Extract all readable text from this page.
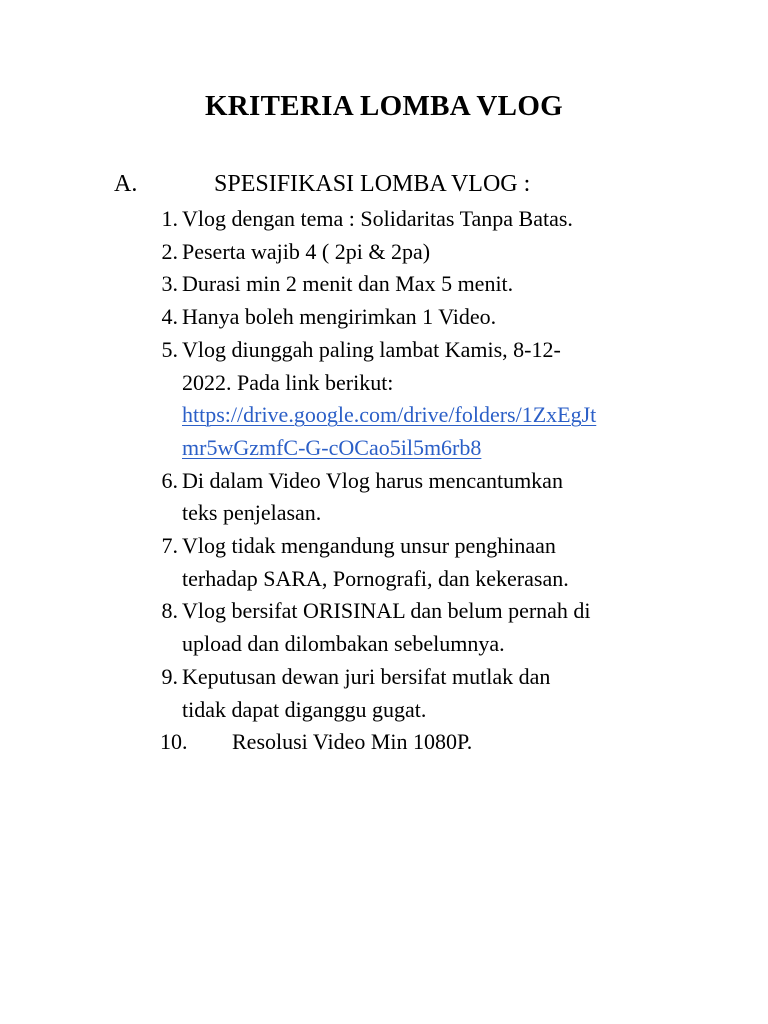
KRITERIA LOMBA VLOG
A.	SPESIFIKASI LOMBA VLOG :
1. Vlog dengan tema : Solidaritas Tanpa Batas.
2. Peserta wajib 4 ( 2pi & 2pa)
3. Durasi min 2 menit dan Max 5 menit.
4. Hanya boleh mengirimkan 1 Video.
5. Vlog diunggah paling lambat Kamis, 8-12-
2022. Pada link berikut:
https://drive.google.com/drive/folders/1ZxEgJt
mr5wGzmfC-G-cOCao5il5m6rb8
6. Di dalam Video Vlog harus mencantumkan
teks penjelasan.
7. Vlog tidak mengandung unsur penghinaan
terhadap SARA, Pornografi, dan kekerasan.
8. Vlog bersifat ORISINAL dan belum pernah di
upload dan dilombakan sebelumnya.
9. Keputusan dewan juri bersifat mutlak dan
tidak dapat diganggu gugat.
10. Resolusi Video Min 1080P.
